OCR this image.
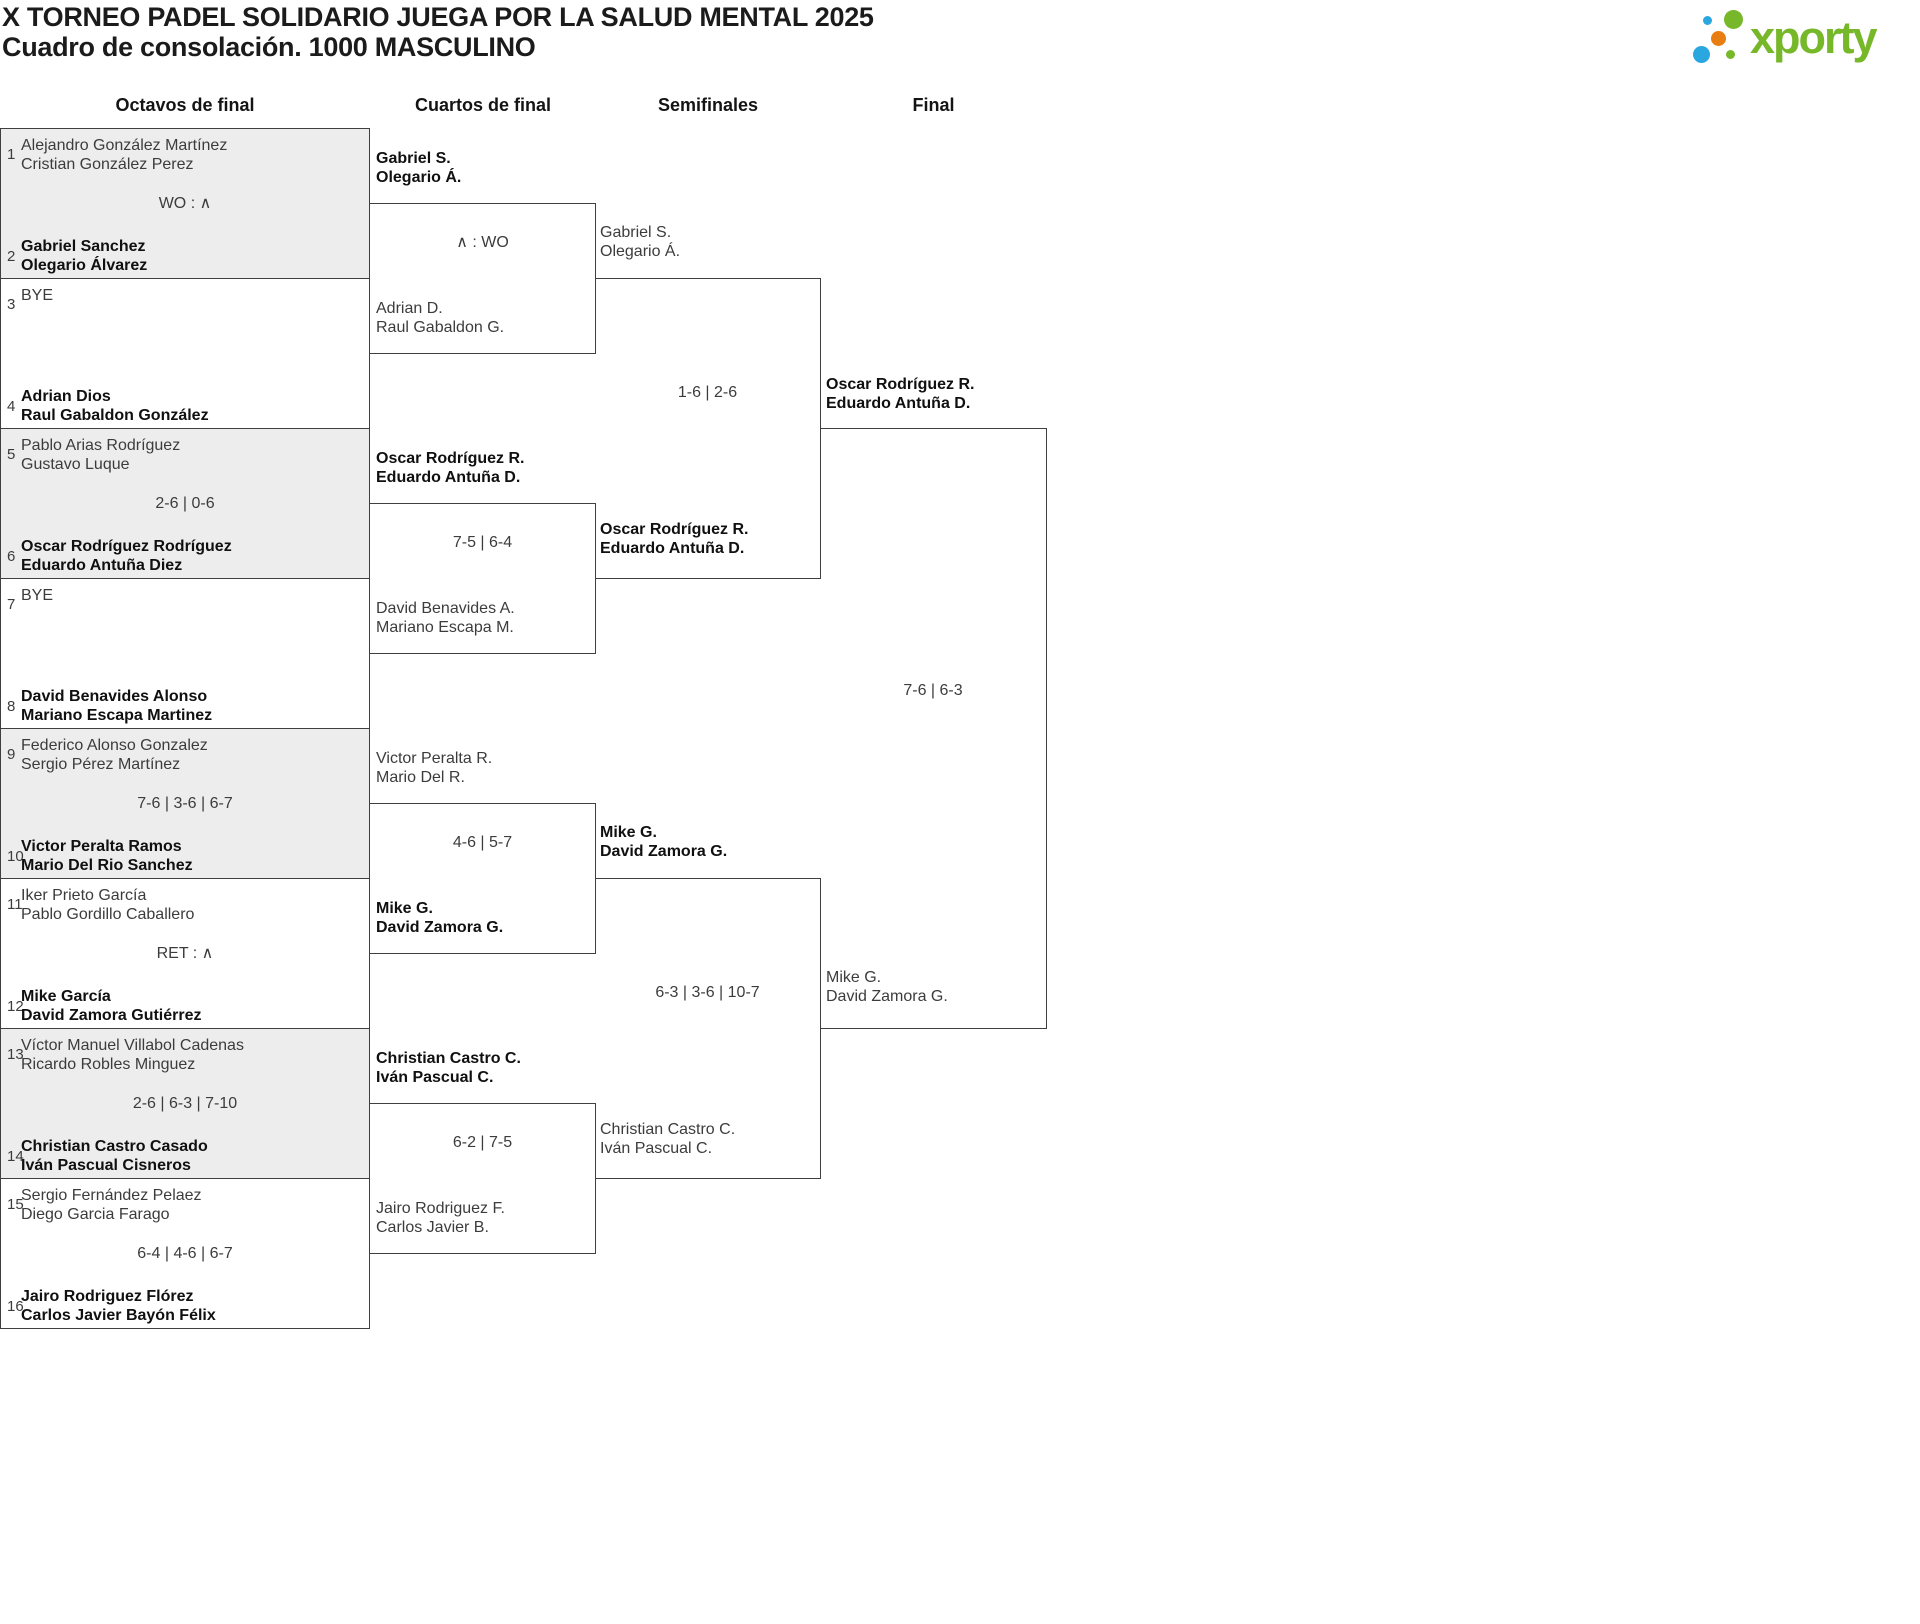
X TORNEO PADEL SOLIDARIO JUEGA POR LA SALUD MENTAL 2025
Cuadro de consolación. 1000 MASCULINO	xporty
Octavos de final	Cuartos de final	Semifinales	Final
1
Alejandro González Martínez
Cristian González Perez
WO : ∧
2
Gabriel Sanchez
Olegario Álvarez
3
BYE
4
Adrian Dios
Raul Gabaldon González
5
Pablo Arias Rodríguez
Gustavo Luque
2-6 | 0-6
6
Oscar Rodríguez Rodríguez
Eduardo Antuña Diez
7
BYE
8
David Benavides Alonso
Mariano Escapa Martinez
9
Federico Alonso Gonzalez
Sergio Pérez Martínez
7-6 | 3-6 | 6-7
10
Victor Peralta Ramos
Mario Del Rio Sanchez
11
Iker Prieto García
Pablo Gordillo Caballero
RET : ∧
12
Mike García
David Zamora Gutiérrez
13
Víctor Manuel Villabol Cadenas
Ricardo Robles Minguez
2-6 | 6-3 | 7-10
14
Christian Castro Casado
Iván Pascual Cisneros
15
Sergio Fernández Pelaez
Diego Garcia Farago
6-4 | 4-6 | 6-7
16
Jairo Rodriguez Flórez
Carlos Javier Bayón Félix
Gabriel S.
Olegario Á.
∧ : WO
Adrian D.
Raul Gabaldon G.
Oscar Rodríguez R.
Eduardo Antuña D.
7-5 | 6-4
David Benavides A.
Mariano Escapa M.
Victor Peralta R.
Mario Del R.
4-6 | 5-7
Mike G.
David Zamora G.
Christian Castro C.
Iván Pascual C.
6-2 | 7-5
Jairo Rodriguez F.
Carlos Javier B.
Gabriel S.
Olegario Á.
1-6 | 2-6
Oscar Rodríguez R.
Eduardo Antuña D.
Mike G.
David Zamora G.
6-3 | 3-6 | 10-7
Christian Castro C.
Iván Pascual C.
Oscar Rodríguez R.
Eduardo Antuña D.
7-6 | 6-3
Mike G.
David Zamora G.
